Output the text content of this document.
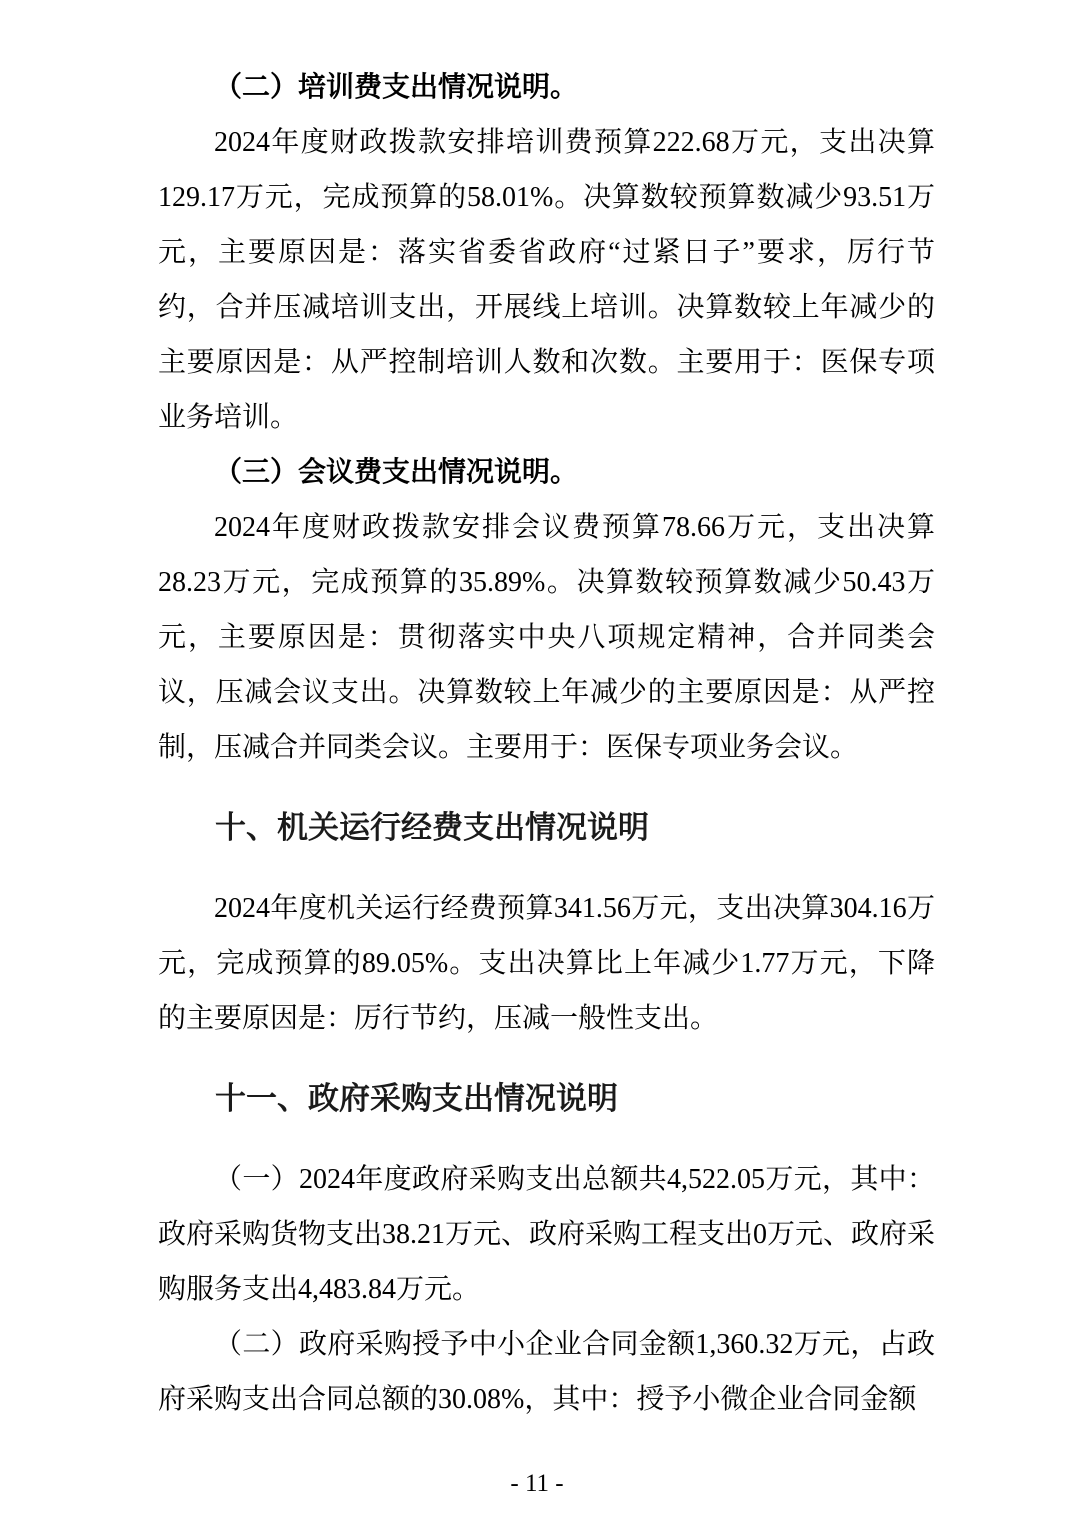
（二）培训费支出情况说明。

2024年度财政拨款安排培训费预算222.68万元，支出决算129.17万元，完成预算的58.01%。决算数较预算数减少93.51万元，主要原因是：落实省委省政府“过紧日子”要求，厉行节约，合并压减培训支出，开展线上培训。决算数较上年减少的主要原因是：从严控制培训人数和次数。主要用于：医保专项业务培训。

（三）会议费支出情况说明。

2024年度财政拨款安排会议费预算78.66万元，支出决算28.23万元，完成预算的35.89%。决算数较预算数减少50.43万元，主要原因是：贯彻落实中央八项规定精神，合并同类会议，压减会议支出。决算数较上年减少的主要原因是：从严控制，压减合并同类会议。主要用于：医保专项业务会议。

十、机关运行经费支出情况说明

2024年度机关运行经费预算341.56万元，支出决算304.16万元，完成预算的89.05%。支出决算比上年减少1.77万元，下降的主要原因是：厉行节约，压减一般性支出。

十一、政府采购支出情况说明

（一）2024年度政府采购支出总额共4,522.05万元，其中：政府采购货物支出38.21万元、政府采购工程支出0万元、政府采购服务支出4,483.84万元。

（二）政府采购授予中小企业合同金额1,360.32万元，占政府采购支出合同总额的30.08%，其中：授予小微企业合同金额

- 11 -
